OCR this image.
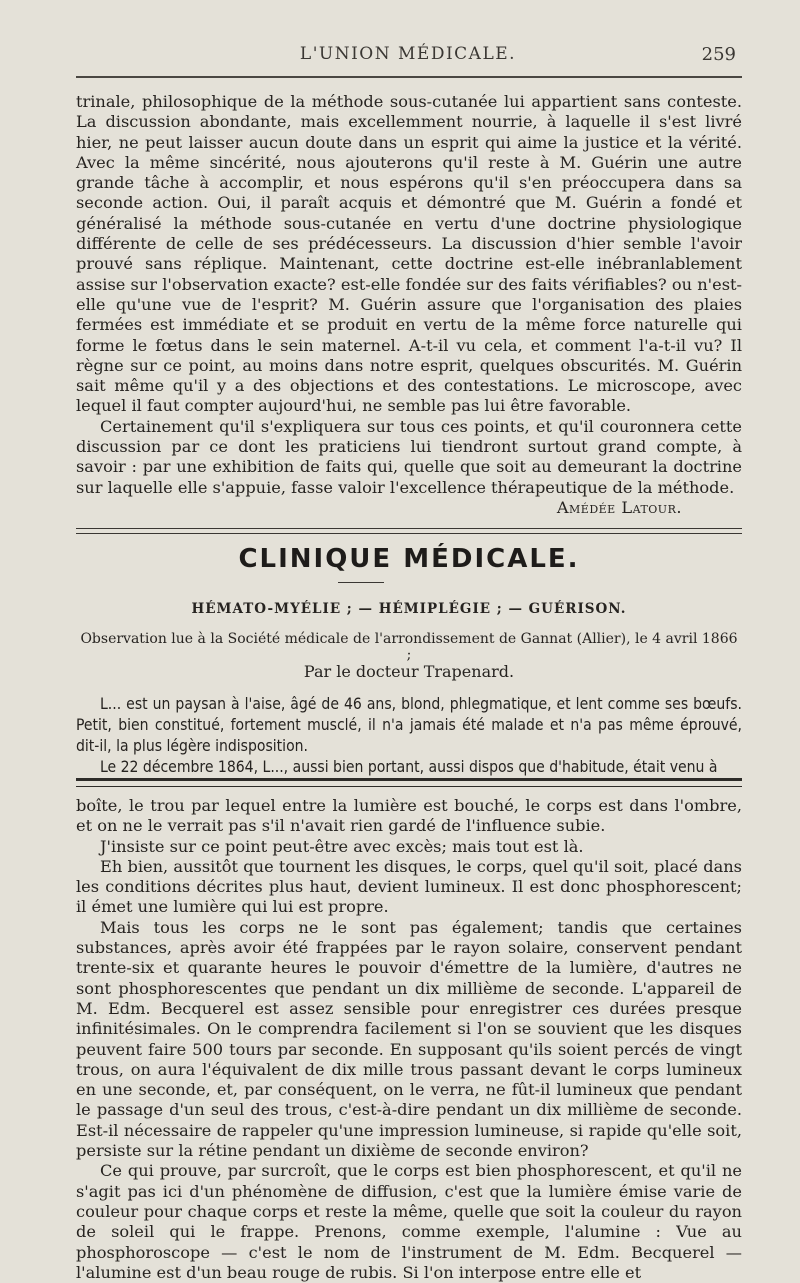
L'UNION MÉDICALE.	259

trinale, philosophique de la méthode sous-cutanée lui appartient sans conteste. La discussion abondante, mais excellemment nourrie, à laquelle il s'est livré hier, ne peut laisser aucun doute dans un esprit qui aime la justice et la vérité. Avec la même sincérité, nous ajouterons qu'il reste à M. Guérin une autre grande tâche à accomplir, et nous espérons qu'il s'en préoccupera dans sa seconde action. Oui, il paraît acquis et démontré que M. Guérin a fondé et généralisé la méthode sous-cutanée en vertu d'une doctrine physiologique différente de celle de ses prédécesseurs. La discussion d'hier semble l'avoir prouvé sans réplique. Maintenant, cette doctrine est-elle inébranlablement assise sur l'observation exacte? est-elle fondée sur des faits vérifiables? ou n'est-elle qu'une vue de l'esprit? M. Guérin assure que l'organisation des plaies fermées est immédiate et se produit en vertu de la même force naturelle qui forme le fœtus dans le sein maternel. A-t-il vu cela, et comment l'a-t-il vu? Il règne sur ce point, au moins dans notre esprit, quelques obscurités. M. Guérin sait même qu'il y a des objections et des contestations. Le microscope, avec lequel il faut compter aujourd'hui, ne semble pas lui être favorable.

Certainement qu'il s'expliquera sur tous ces points, et qu'il couronnera cette discussion par ce dont les praticiens lui tiendront surtout grand compte, à savoir : par une exhibition de faits qui, quelle que soit au demeurant la doctrine sur laquelle elle s'appuie, fasse valoir l'excellence thérapeutique de la méthode.

Amédée Latour.
CLINIQUE MÉDICALE.
HÉMATO-MYÉLIE ; — HÉMIPLÉGIE ; — GUÉRISON.
Observation lue à la Société médicale de l'arrondissement de Gannat (Allier), le 4 avril 1866 ;
Par le docteur Trapenard.

L... est un paysan à l'aise, âgé de 46 ans, blond, phlegmatique, et lent comme ses bœufs. Petit, bien constitué, fortement musclé, il n'a jamais été malade et n'a pas même éprouvé, dit-il, la plus légère indisposition.

Le 22 décembre 1864, L..., aussi bien portant, aussi dispos que d'habitude, était venu à

boîte, le trou par lequel entre la lumière est bouché, le corps est dans l'ombre, et on ne le verrait pas s'il n'avait rien gardé de l'influence subie.

J'insiste sur ce point peut-être avec excès; mais tout est là.

Eh bien, aussitôt que tournent les disques, le corps, quel qu'il soit, placé dans les conditions décrites plus haut, devient lumineux. Il est donc phosphorescent; il émet une lumière qui lui est propre.

Mais tous les corps ne le sont pas également; tandis que certaines substances, après avoir été frappées par le rayon solaire, conservent pendant trente-six et quarante heures le pouvoir d'émettre de la lumière, d'autres ne sont phosphorescentes que pendant un dix millième de seconde. L'appareil de M. Edm. Becquerel est assez sensible pour enregistrer ces durées presque infinitésimales. On le comprendra facilement si l'on se souvient que les disques peuvent faire 500 tours par seconde. En supposant qu'ils soient percés de vingt trous, on aura l'équivalent de dix mille trous passant devant le corps lumineux en une seconde, et, par conséquent, on le verra, ne fût-il lumineux que pendant le passage d'un seul des trous, c'est-à-dire pendant un dix millième de seconde. Est-il nécessaire de rappeler qu'une impression lumineuse, si rapide qu'elle soit, persiste sur la rétine pendant un dixième de seconde environ?

Ce qui prouve, par surcroît, que le corps est bien phosphorescent, et qu'il ne s'agit pas ici d'un phénomène de diffusion, c'est que la lumière émise varie de couleur pour chaque corps et reste la même, quelle que soit la couleur du rayon de soleil qui le frappe. Prenons, comme exemple, l'alumine : Vue au phosphoroscope — c'est le nom de l'instrument de M. Edm. Becquerel — l'alumine est d'un beau rouge de rubis. Si l'on interpose entre elle et
